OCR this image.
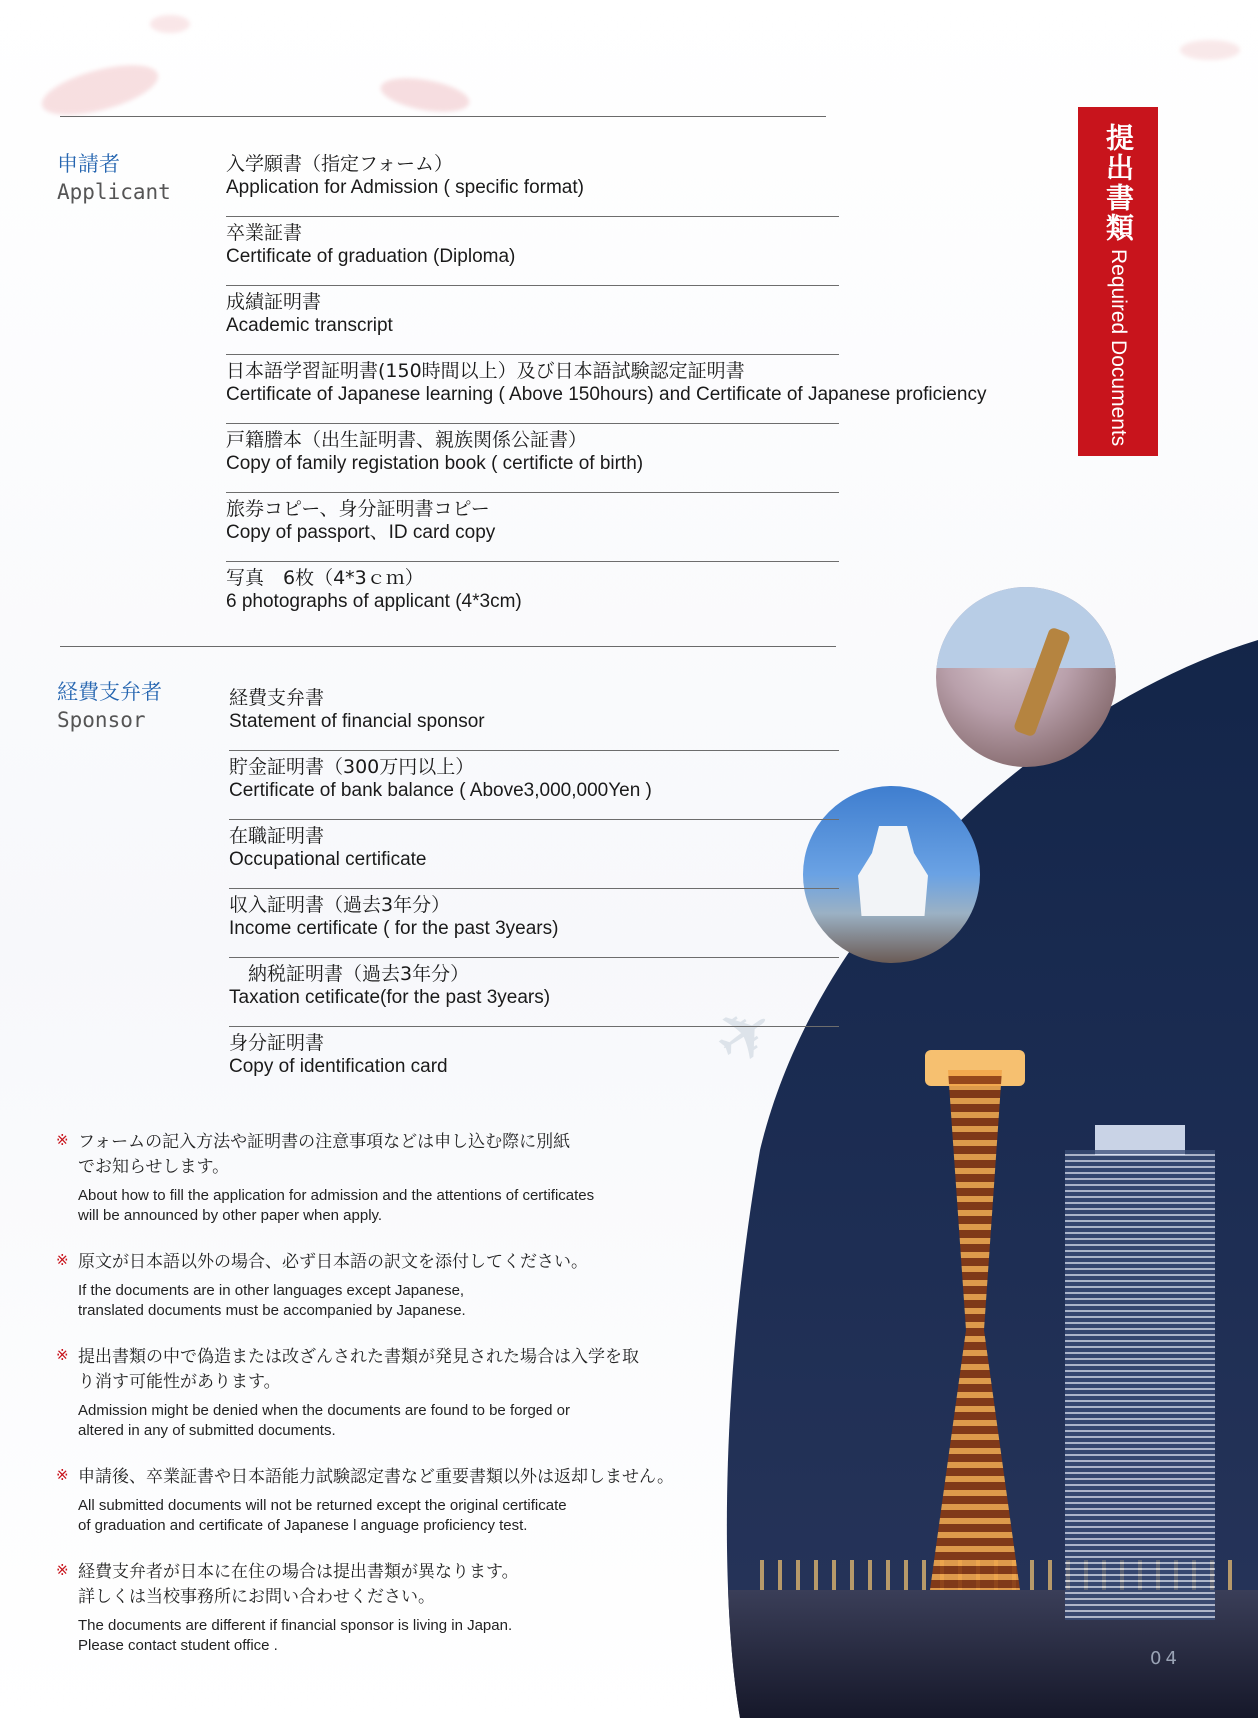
✈
提出書類
Required Documents
申請者
Applicant
入学願書（指定フォーム）
Application for Admission ( specific format)
卒業証書
Certificate of graduation (Diploma)
成績証明書
Academic transcript
日本語学習証明書(150時間以上）及び日本語試験認定証明書
Certificate of Japanese learning ( Above 150hours) and Certificate of Japanese proficiency
戸籍謄本（出生証明書、親族関係公証書）
Copy of family registation book ( certificte of birth)
旅券コピー、身分証明書コピー
Copy of passport、ID card copy
写真　6枚（4*3ｃｍ）
6 photographs of applicant (4*3cm)
経費支弁者
Sponsor
経費支弁書
Statement of financial sponsor
貯金証明書（300万円以上）
Certificate of bank balance ( Above3,000,000Yen )
在職証明書
Occupational certificate
収入証明書（過去3年分）
Income certificate ( for the past 3years)
　納税証明書（過去3年分）
Taxation cetificate(for the past 3years)
身分証明書
Copy of identification card
※ フォームの記入方法や証明書の注意事項などは申し込む際に別紙
でお知らせします。
About how to fill the application for admission and the attentions of certificates
will be announced by other paper when apply.
※ 原文が日本語以外の場合、必ず日本語の訳文を添付してください。
If the documents are in other languages except Japanese,
translated documents must be accompanied by Japanese.
※ 提出書類の中で偽造または改ざんされた書類が発見された場合は入学を取
り消す可能性があります。
Admission might be denied when the documents are found to be forged or
altered in any of submitted documents.
※ 申請後、卒業証書や日本語能力試験認定書など重要書類以外は返却しません。
All submitted documents will not be returned except the original certificate
of graduation and certificate of Japanese l anguage proficiency test.
※ 経費支弁者が日本に在住の場合は提出書類が異なります。
詳しくは当校事務所にお問い合わせください。
The documents are different if financial sponsor is living in Japan.
Please contact student office .
04
